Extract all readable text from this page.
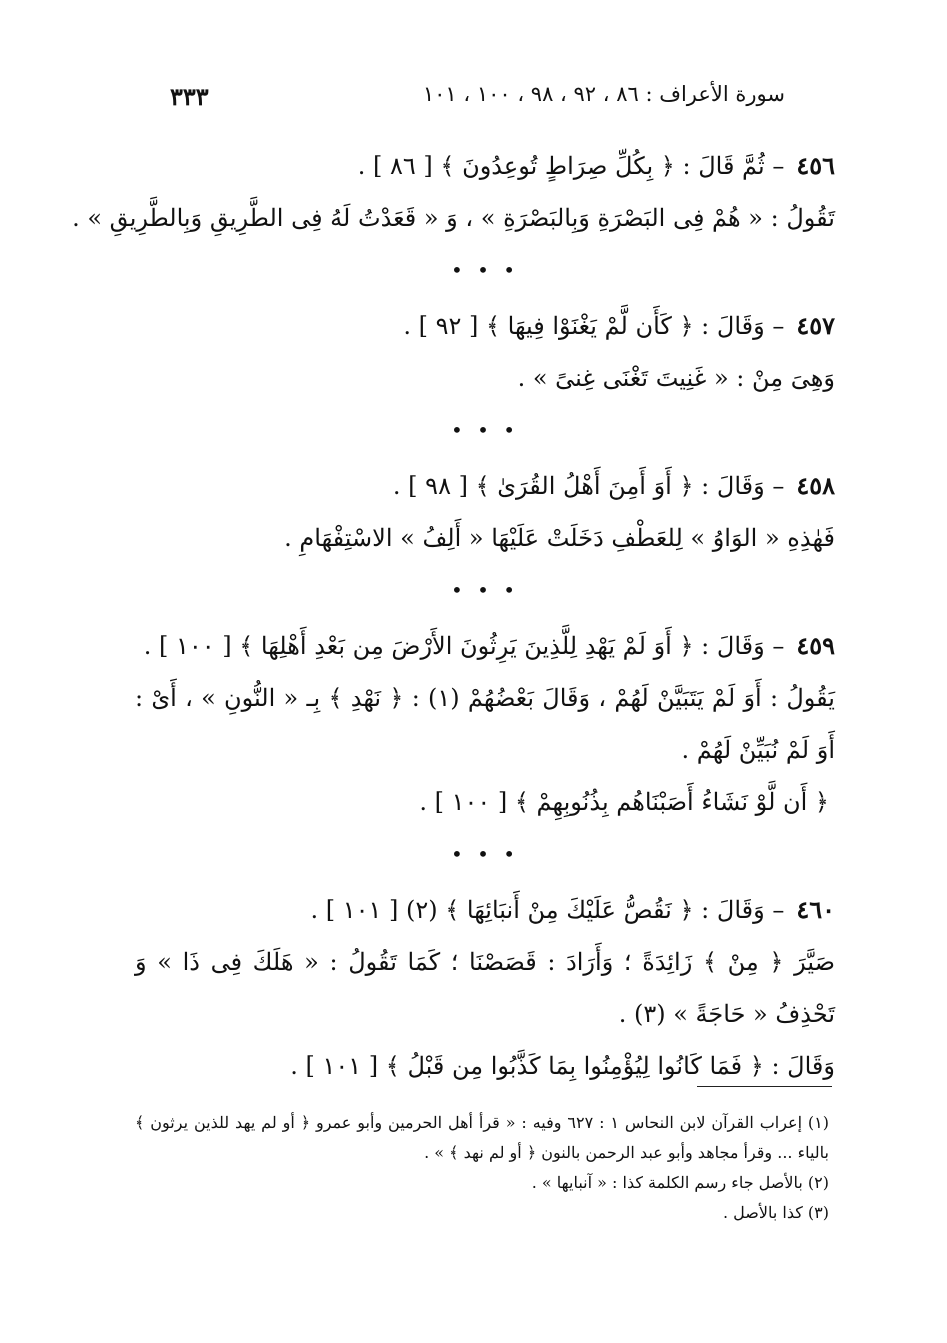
٣٣٣	سورة الأعراف : ٨٦ ، ٩٢ ، ٩٨ ، ١٠٠ ، ١٠١

٤٥٦– ثُمَّ قَالَ : ﴿ بِكُلِّ صِرَاطٍ تُوعِدُونَ ﴾ [ ٨٦ ] .

تَقُولُ : « هُمْ فِى البَصْرَةِ وَبِالبَصْرَةِ » ، وَ « قَعَدْتُ لَهُ فِى الطَّرِيقِ وَبِالطَّرِيقِ » .

• • •

٤٥٧– وَقَالَ : ﴿ كَأَن لَّمْ يَغْنَوْا فِيهَا ﴾ [ ٩٢ ] .

وَهِىَ مِنْ : « غَنِيتَ تَغْنَى غِنىً » .

• • •

٤٥٨– وَقَالَ : ﴿ أَوَ أَمِنَ أَهْلُ القُرَىٰ ﴾ [ ٩٨ ] .

فَهٰذِهِ « الوَاوُ » لِلعَطْفِ دَخَلَتْ عَلَيْهَا « أَلِفُ » الاسْتِفْهَامِ .

• • •

٤٥٩– وَقَالَ : ﴿ أَوَ لَمْ يَهْدِ لِلَّذِينَ يَرِثُونَ الأَرْضَ مِن بَعْدِ أَهْلِهَا ﴾ [ ١٠٠ ] .

يَقُولُ : أَوَ لَمْ يَتَبَيَّنْ لَهُمْ ، وَقَالَ بَعْضُهُمْ (١) : ﴿ نَهْدِ ﴾ بِـ « النُّونِ » ، أَىْ : أَوَ لَمْ نُبَيِّنْ لَهُمْ .

﴿ أَن لَّوْ نَشَاءُ أَصَبْنَاهُم بِذُنُوبِهِمْ ﴾ [ ١٠٠ ] .

• • •

٤٦٠– وَقَالَ : ﴿ نَقُصُّ عَلَيْكَ مِنْ أَنبَائِهَا ﴾ (٢) [ ١٠١ ] .

صَيَّرَ ﴿ مِنْ ﴾ زَائِدَةً ؛ وَأَرَادَ : قَصَصْنَا ؛ كَمَا تَقُولُ : « هَلَكَ فِى ذَا » وَ تَحْذِفُ « حَاجَةً » (٣) .

وَقَالَ : ﴿ فَمَا كَانُوا لِيُؤْمِنُوا بِمَا كَذَّبُوا مِن قَبْلُ ﴾ [ ١٠١ ] .

(١) إعراب القرآن لابن النحاس ١ : ٦٢٧ وفيه : « قرأ أهل الحرمين وأبو عمرو ﴿ أو لم يهد للذين يرثون ﴾ بالياء ... وقرأ مجاهد وأبو عبد الرحمن بالنون ﴿ أو لم نهد ﴾ » .

(٢) بالأصل جاء رسم الكلمة كذا : « آنبايها » .

(٣) كذا بالأصل .
